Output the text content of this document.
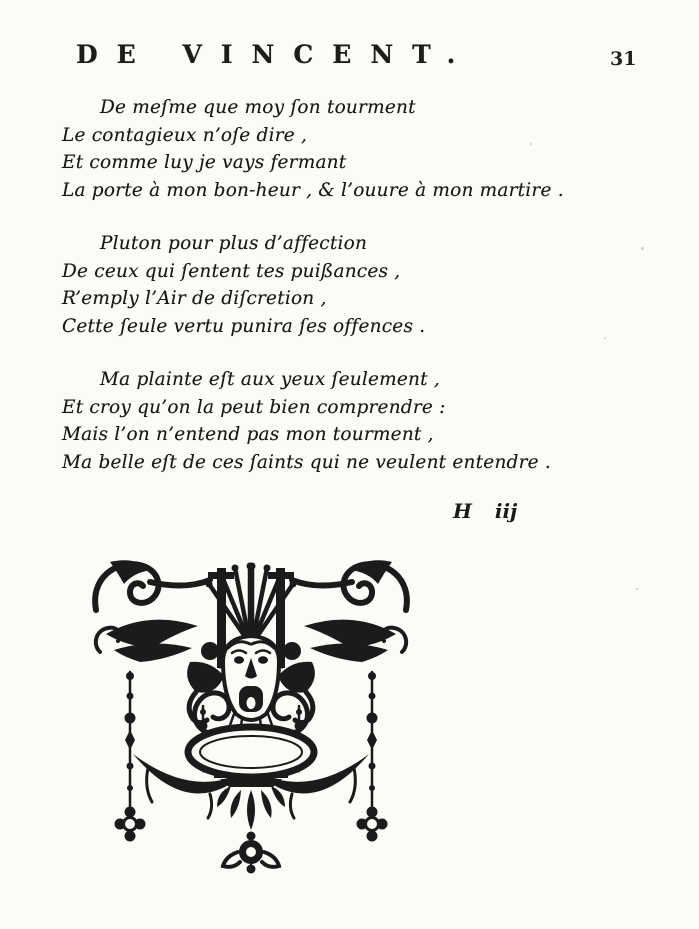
DE VINCENT.	31

De meſme que moy ſon tourment

Le contagieux n’oſe dire ,

Et comme luy je vays fermant

La porte à mon bon-heur , & l’ouure à mon martire .

Pluton pour plus d’affection

De ceux qui ſentent tes puißances ,

R’emply l’Air de diſcretion ,

Cette ſeule vertu punira ſes offences .

Ma plainte eſt aux yeux ſeulement ,

Et croy qu’on la peut bien comprendre :

Mais l’on n’entend pas mon tourment ,

Ma belle eſt de ces ſaints qui ne veulent entendre .

H iij
